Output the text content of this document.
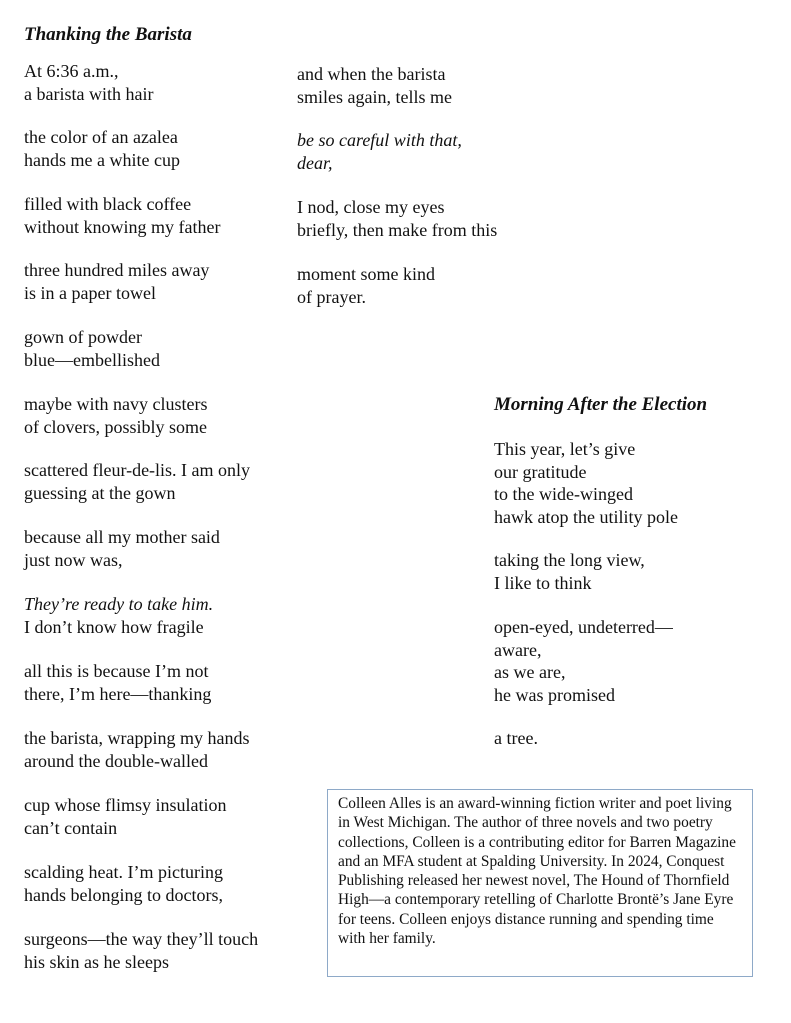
Thanking the Barista
At 6:36 a.m.,
a barista with hair
the color of an azalea
hands me a white cup
filled with black coffee
without knowing my father
three hundred miles away
is in a paper towel
gown of powder
blue—embellished
maybe with navy clusters
of clovers, possibly some
scattered fleur-de-lis. I am only
guessing at the gown
because all my mother said
just now was,
They’re ready to take him.
I don’t know how fragile
all this is because I’m not
there, I’m here—thanking
the barista, wrapping my hands
around the double-walled
cup whose flimsy insulation
can’t contain
scalding heat. I’m picturing
hands belonging to doctors,
surgeons—the way they’ll touch
his skin as he sleeps
and when the barista
smiles again, tells me
be so careful with that,
dear,
I nod, close my eyes
briefly, then make from this
moment some kind
of prayer.
Morning After the Election
This year, let’s give
our gratitude
to the wide-winged
hawk atop the utility pole
taking the long view,
I like to think
open-eyed, undeterred—
aware,
as we are,
he was promised
a tree.
Colleen Alles is an award-winning fiction writer and poet living in West Michigan. The author of three novels and two poetry collections, Colleen is a contributing editor for Barren Magazine and an MFA student at Spalding University. In 2024, Conquest Publishing released her newest novel, The Hound of Thornfield High—a contemporary retelling of Charlotte Brontë’s Jane Eyre for teens. Colleen enjoys distance running and spending time with her family.
